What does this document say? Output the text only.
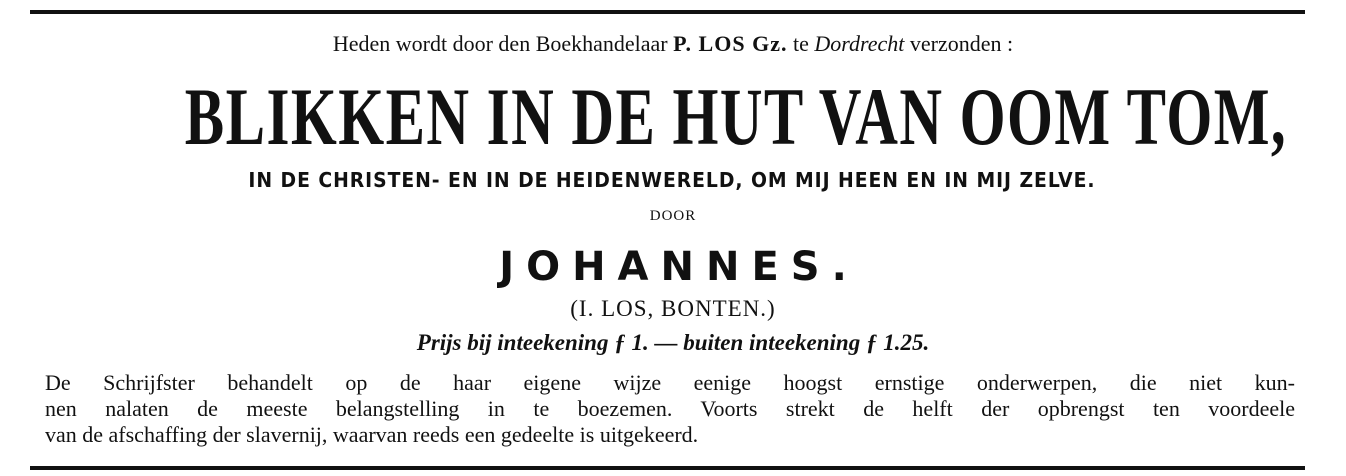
Heden wordt door den Boekhandelaar P. LOS Gz. te Dordrecht verzonden :
BLIKKEN IN DE HUT VAN OOM TOM,
IN DE CHRISTEN- EN IN DE HEIDENWERELD, OM MIJ HEEN EN IN MIJ ZELVE.
DOOR
JOHANNES.
(I. LOS, BONTEN.)
Prijs bij inteekening ƒ 1. — buiten inteekening ƒ 1.25.
De Schrijfster behandelt op de haar eigene wijze eenige hoogst ernstige onderwerpen, die niet kun-
nen nalaten de meeste belangstelling in te boezemen. Voorts strekt de helft der opbrengst ten voordeele
van de afschaffing der slavernij, waarvan reeds een gedeelte is uitgekeerd.
